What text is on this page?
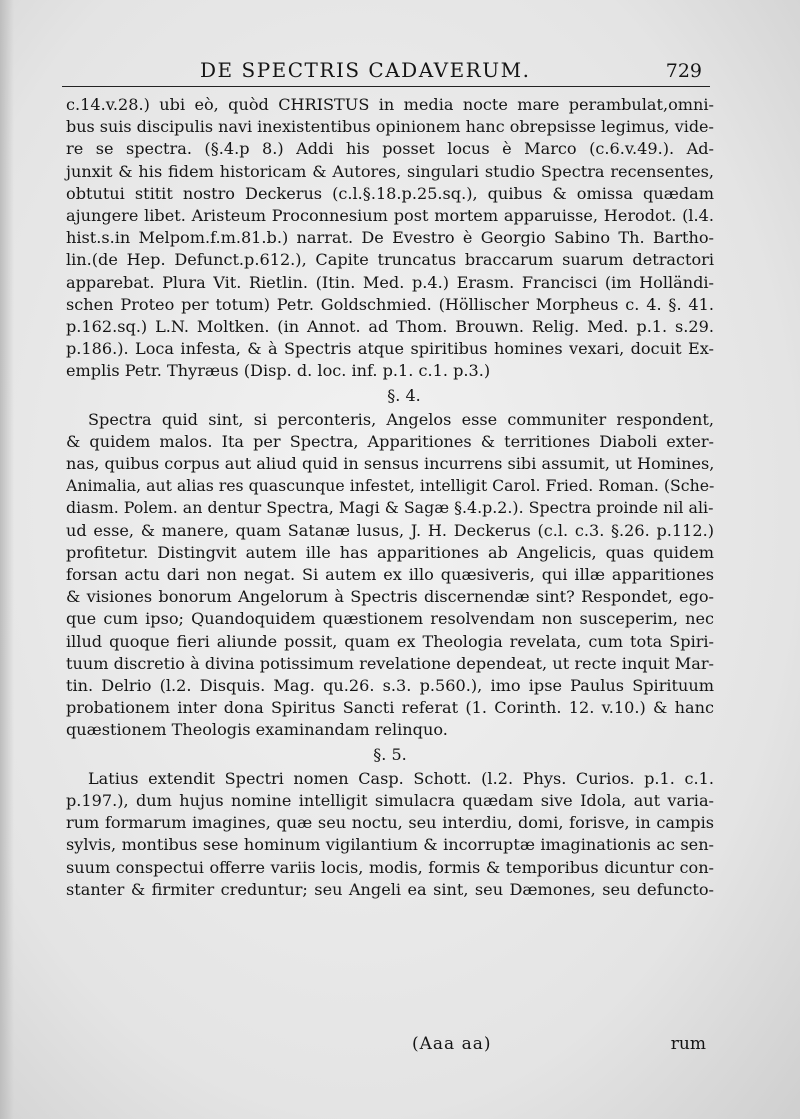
DE SPECTRIS CADAVERUM.	729

c.14.v.28.) ubi eò, quòd CHRISTUS in media nocte mare perambulat,omni-
bus suis discipulis navi inexistentibus opinionem hanc obrepsisse legimus, vide-
re se spectra. (§.4.p 8.) Addi his posset locus è Marco (c.6.v.49.). Ad-
junxit & his fidem historicam & Autores, singulari studio Spectra recensentes,
obtutui stitit nostro Deckerus (c.l.§.18.p.25.sq.), quibus & omissa quædam
ajungere libet. Aristeum Proconnesium post mortem apparuisse, Herodot. (l.4.
hist.s.in Melpom.f.m.81.b.) narrat. De Evestro è Georgio Sabino Th. Bartho-
lin.(de Hep. Defunct.p.612.), Capite truncatus braccarum suarum detractori
apparebat. Plura Vit. Rietlin. (Itin. Med. p.4.) Erasm. Francisci (im Holländi-
schen Proteo per totum) Petr. Goldschmied. (Höllischer Morpheus c. 4. §. 41.
p.162.sq.) L.N. Moltken. (in Annot. ad Thom. Brouwn. Relig. Med. p.1. s.29.
p.186.). Loca infesta, & à Spectris atque spiritibus homines vexari, docuit Ex-
emplis Petr. Thyræus (Disp. d. loc. inf. p.1. c.1. p.3.)

§. 4.

Spectra quid sint, si perconteris, Angelos esse communiter respondent,
& quidem malos. Ita per Spectra, Apparitiones & territiones Diaboli exter-
nas, quibus corpus aut aliud quid in sensus incurrens sibi assumit, ut Homines,
Animalia, aut alias res quascunque infestet, intelligit Carol. Fried. Roman. (Sche-
diasm. Polem. an dentur Spectra, Magi & Sagæ §.4.p.2.). Spectra proinde nil ali-
ud esse, & manere, quam Satanæ lusus, J. H. Deckerus (c.l. c.3. §.26. p.112.)
profitetur. Distingvit autem ille has apparitiones ab Angelicis, quas quidem
forsan actu dari non negat. Si autem ex illo quæsiveris, qui illæ apparitiones
& visiones bonorum Angelorum à Spectris discernendæ sint? Respondet, ego-
que cum ipso; Quandoquidem quæstionem resolvendam non susceperim, nec
illud quoque fieri aliunde possit, quam ex Theologia revelata, cum tota Spiri-
tuum discretio à divina potissimum revelatione dependeat, ut recte inquit Mar-
tin. Delrio (l.2. Disquis. Mag. qu.26. s.3. p.560.), imo ipse Paulus Spirituum
probationem inter dona Spiritus Sancti referat (1. Corinth. 12. v.10.) & hanc
quæstionem Theologis examinandam relinquo.

§. 5.

Latius extendit Spectri nomen Casp. Schott. (l.2. Phys. Curios. p.1. c.1.
p.197.), dum hujus nomine intelligit simulacra quædam sive Idola, aut varia-
rum formarum imagines, quæ seu noctu, seu interdiu, domi, forisve, in campis
sylvis, montibus sese hominum vigilantium & incorruptæ imaginationis ac sen-
suum conspectui offerre variis locis, modis, formis & temporibus dicuntur con-
stanter & firmiter creduntur; seu Angeli ea sint, seu Dæmones, seu defuncto-

(Aaa aa)	rum
